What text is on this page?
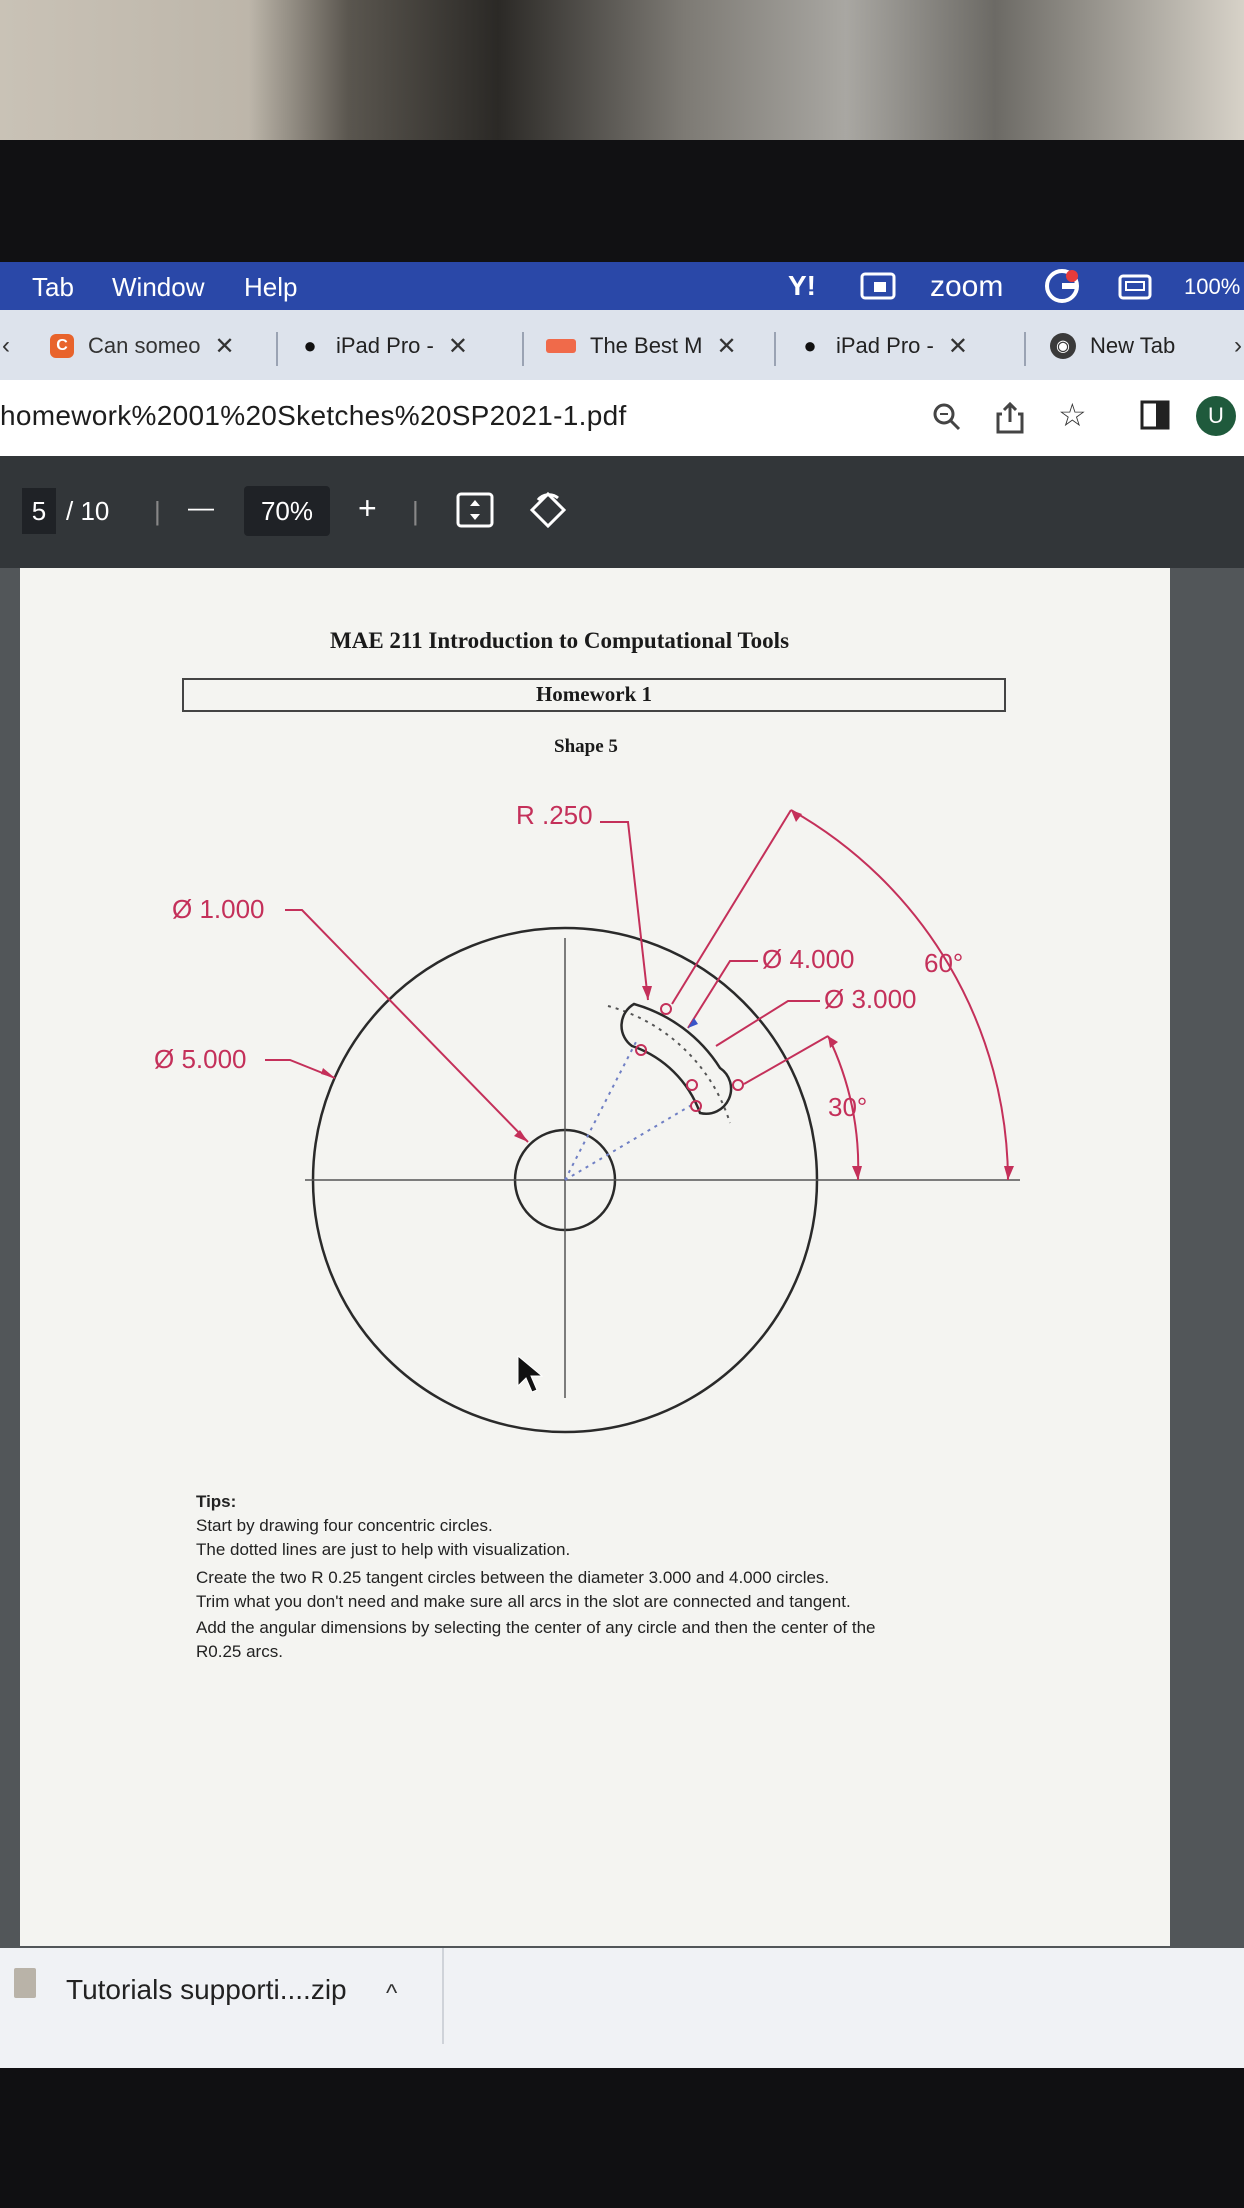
Tab Window Help	Y!	zoom	100%
‹	C Can someo ✕	● iPad Pro - ✕	The Best M ✕	● iPad Pro - ✕	◉ New Tab ›
homework%2001%20Sketches%20SP2021-1.pdf	☆	U
5 / 10 | —	70%	+ |
MAE 211 Introduction to Computational Tools
Homework 1
Shape 5
R .250
Ø 1.000
Ø 5.000
Ø 4.000
Ø 3.000
60°
30°
Tips:
Start by drawing four concentric circles.
The dotted lines are just to help with visualization.
Create the two R 0.25 tangent circles between the diameter 3.000 and 4.000 circles.
Trim what you don't need and make sure all arcs in the slot are connected and tangent.
Add the angular dimensions by selecting the center of any circle and then the center of the
R0.25 arcs.
Tutorials supporti....zip ^
